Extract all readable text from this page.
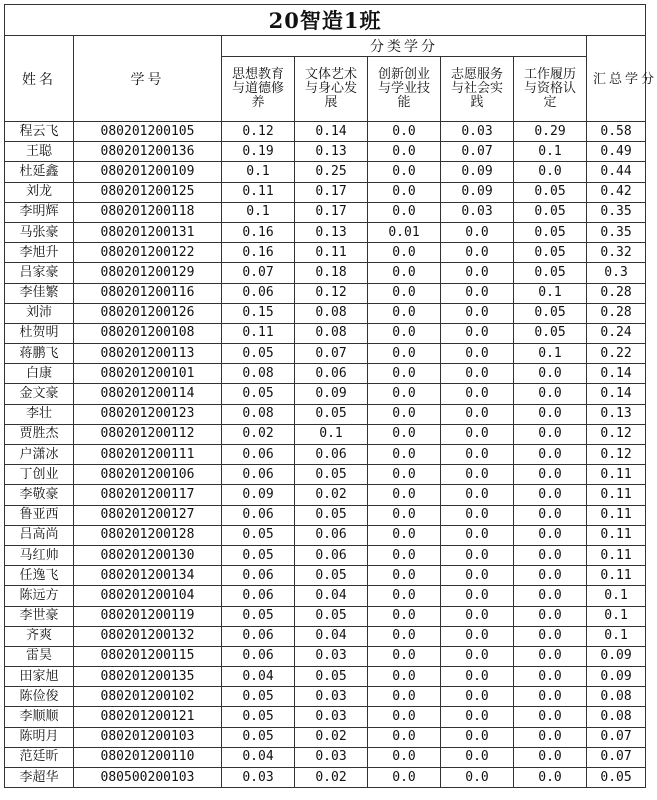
20智造1班							
姓名	学号	分类学分					汇总学分
		思想教育与道德修养	文体艺术与身心发展	创新创业与学业技能	志愿服务与社会实践	工作履历与资格认定	
程云飞	080201200105	0.12	0.14	0.0	0.03	0.29	0.58
王聪	080201200136	0.19	0.13	0.0	0.07	0.1	0.49
杜延鑫	080201200109	0.1	0.25	0.0	0.09	0.0	0.44
刘龙	080201200125	0.11	0.17	0.0	0.09	0.05	0.42
李明辉	080201200118	0.1	0.17	0.0	0.03	0.05	0.35
马张豪	080201200131	0.16	0.13	0.01	0.0	0.05	0.35
李旭升	080201200122	0.16	0.11	0.0	0.0	0.05	0.32
吕家豪	080201200129	0.07	0.18	0.0	0.0	0.05	0.3
李佳繁	080201200116	0.06	0.12	0.0	0.0	0.1	0.28
刘沛	080201200126	0.15	0.08	0.0	0.0	0.05	0.28
杜贺明	080201200108	0.11	0.08	0.0	0.0	0.05	0.24
蒋鹏飞	080201200113	0.05	0.07	0.0	0.0	0.1	0.22
白康	080201200101	0.08	0.06	0.0	0.0	0.0	0.14
金文豪	080201200114	0.05	0.09	0.0	0.0	0.0	0.14
李壮	080201200123	0.08	0.05	0.0	0.0	0.0	0.13
贾胜杰	080201200112	0.02	0.1	0.0	0.0	0.0	0.12
户潇冰	080201200111	0.06	0.06	0.0	0.0	0.0	0.12
丁创业	080201200106	0.06	0.05	0.0	0.0	0.0	0.11
李敬豪	080201200117	0.09	0.02	0.0	0.0	0.0	0.11
鲁亚西	080201200127	0.06	0.05	0.0	0.0	0.0	0.11
吕高尚	080201200128	0.05	0.06	0.0	0.0	0.0	0.11
马红帅	080201200130	0.05	0.06	0.0	0.0	0.0	0.11
任逸飞	080201200134	0.06	0.05	0.0	0.0	0.0	0.11
陈远方	080201200104	0.06	0.04	0.0	0.0	0.0	0.1
李世豪	080201200119	0.05	0.05	0.0	0.0	0.0	0.1
齐爽	080201200132	0.06	0.04	0.0	0.0	0.0	0.1
雷昊	080201200115	0.06	0.03	0.0	0.0	0.0	0.09
田家旭	080201200135	0.04	0.05	0.0	0.0	0.0	0.09
陈俭俊	080201200102	0.05	0.03	0.0	0.0	0.0	0.08
李顺顺	080201200121	0.05	0.03	0.0	0.0	0.0	0.08
陈明月	080201200103	0.05	0.02	0.0	0.0	0.0	0.07
范廷昕	080201200110	0.04	0.03	0.0	0.0	0.0	0.07
李超华	080500200103	0.03	0.02	0.0	0.0	0.0	0.05
